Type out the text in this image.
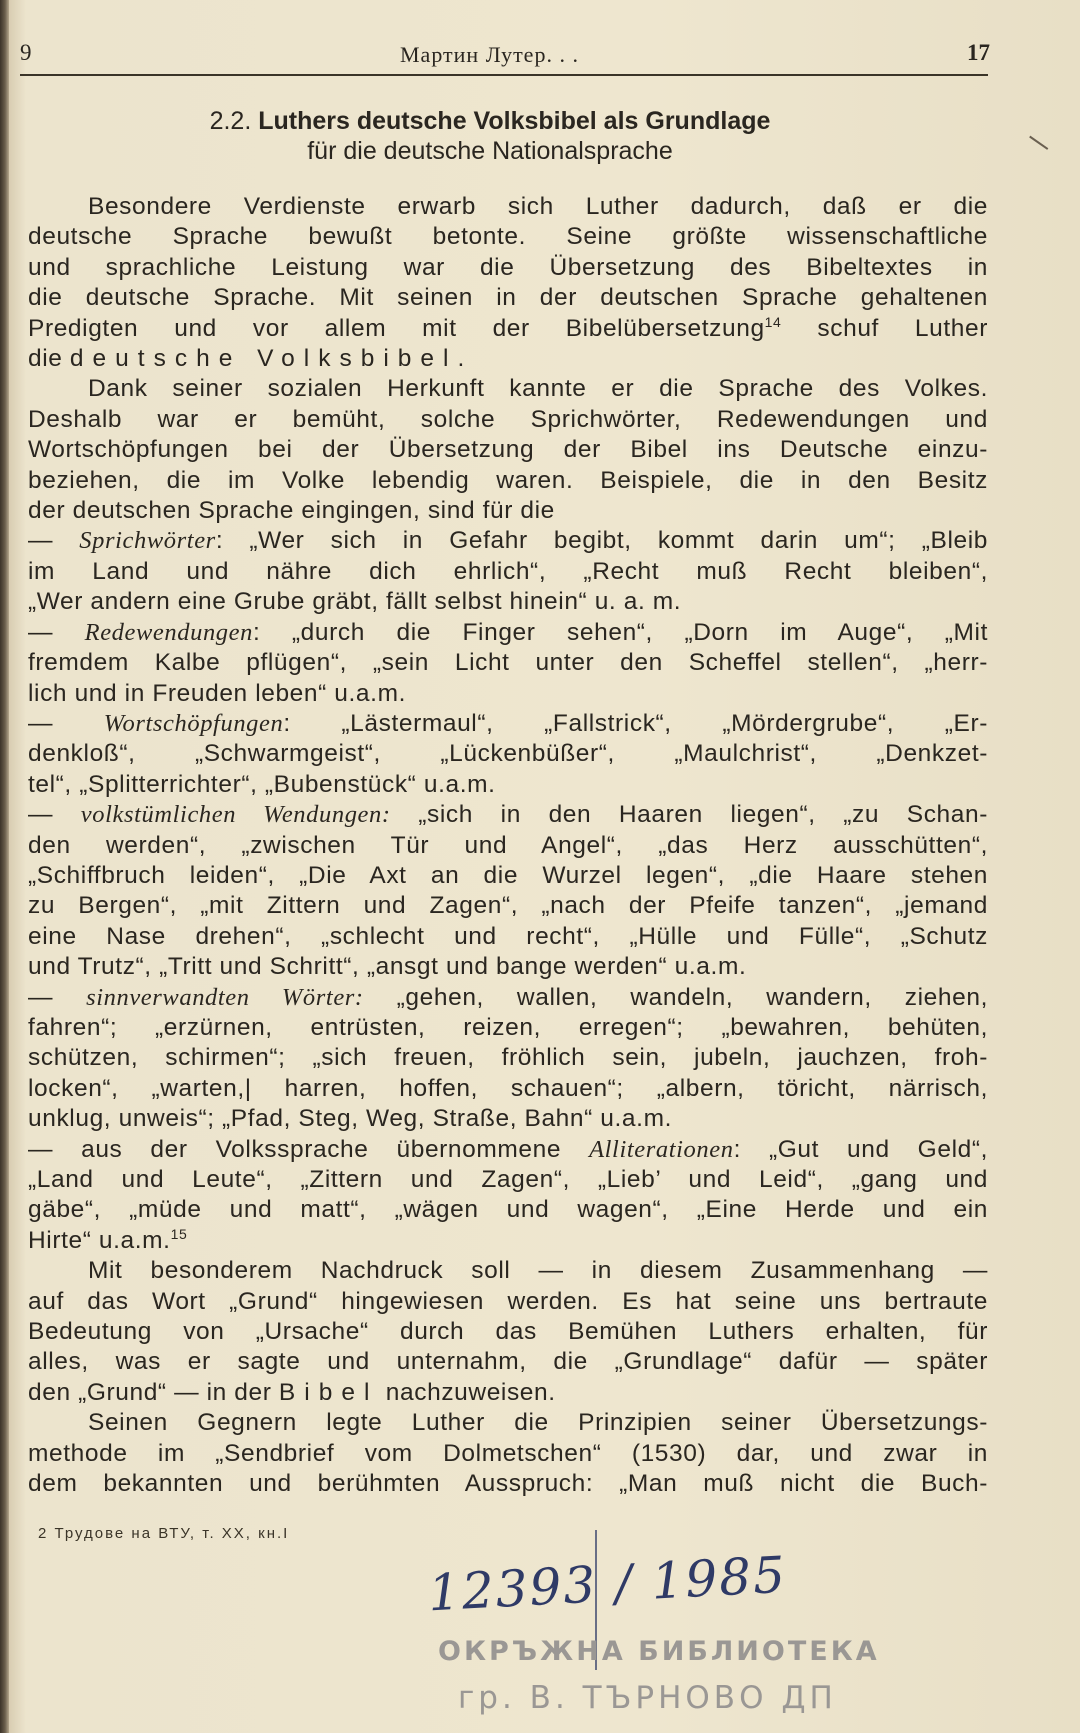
9	Мартин Лутер. . .	17
2.2. Luthers deutsche Volksbibel als Grundlage
für die deutsche Nationalsprache
Besondere Verdienste erwarb sich Luther dadurch, daß er die
deutsche Sprache bewußt betonte. Seine größte wissenschaftliche
und sprachliche Leistung war die Übersetzung des Bibeltextes in
die deutsche Sprache. Mit seinen in der deutschen Sprache gehaltenen
Predigten und vor allem mit der Bibelübersetzung$^{14}$ schuf Luther
die deutsche Volksbibel.
Dank seiner sozialen Herkunft kannte er die Sprache des Volkes.
Deshalb war er bemüht, solche Sprichwörter, Redewendungen und
Wortschöpfungen bei der Übersetzung der Bibel ins Deutsche einzu-
beziehen, die im Volke lebendig waren. Beispiele, die in den Besitz
der deutschen Sprache eingingen, sind für die
— Sprichwörter: „Wer sich in Gefahr begibt, kommt darin um“; „Bleib
im Land und nähre dich ehrlich“, „Recht muß Recht bleiben“,
„Wer andern eine Grube gräbt, fällt selbst hinein“ u. a. m.
— Redewendungen: „durch die Finger sehen“, „Dorn im Auge“, „Mit
fremdem Kalbe pflügen“, „sein Licht unter den Scheffel stellen“, „herr-
lich und in Freuden leben“ u.a.m.
— Wortschöpfungen: „Lästermaul“, „Fallstrick“, „Mördergrube“, „Er-
denkloß“, „Schwarmgeist“, „Lückenbüßer“, „Maulchrist“, „Denkzet-
tel“, „Splitterrichter“, „Bubenstück“ u.a.m.
— volkstümlichen Wendungen: „sich in den Haaren liegen“, „zu Schan-
den werden“, „zwischen Tür und Angel“, „das Herz ausschütten“,
„Schiffbruch leiden“, „Die Axt an die Wurzel legen“, „die Haare stehen
zu Bergen“, „mit Zittern und Zagen“, „nach der Pfeife tanzen“, „jemand
eine Nase drehen“, „schlecht und recht“, „Hülle und Fülle“, „Schutz
und Trutz“, „Tritt und Schritt“, „ansgt und bange werden“ u.a.m.
— sinnverwandten Wörter: „gehen, wallen, wandeln, wandern, ziehen,
fahren“; „erzürnen, entrüsten, reizen, erregen“; „bewahren, behüten,
schützen, schirmen“; „sich freuen, fröhlich sein, jubeln, jauchzen, froh-
locken“, „warten,| harren, hoffen, schauen“; „albern, töricht, närrisch,
unklug, unweis“; „Pfad, Steg, Weg, Straße, Bahn“ u.a.m.
— aus der Volkssprache übernommene Alliterationen: „Gut und Geld“,
„Land und Leute“, „Zittern und Zagen“, „Lieb’ und Leid“, „gang und
gäbe“, „müde und matt“, „wägen und wagen“, „Eine Herde und ein
Hirte“ u.a.m.$^{15}$
Mit besonderem Nachdruck soll — in diesem Zusammenhang —
auf das Wort „Grund“ hingewiesen werden. Es hat seine uns bertraute
Bedeutung von „Ursache“ durch das Bemühen Luthers erhalten, für
alles, was er sagte und unternahm, die „Grundlage“ dafür — später
den „Grund“ — in der Bibel nachzuweisen.
Seinen Gegnern legte Luther die Prinzipien seiner Übersetzungs-
methode im „Sendbrief vom Dolmetschen“ (1530) dar, und zwar in
dem bekannten und berühmten Ausspruch: „Man muß nicht die Buch-
2 Трудове на ВТУ, т. XX, кн.I
12393 / 1985
ОКРЪЖНА БИБЛИОТЕКА
гр. В. ТЪРНОВО ДП
